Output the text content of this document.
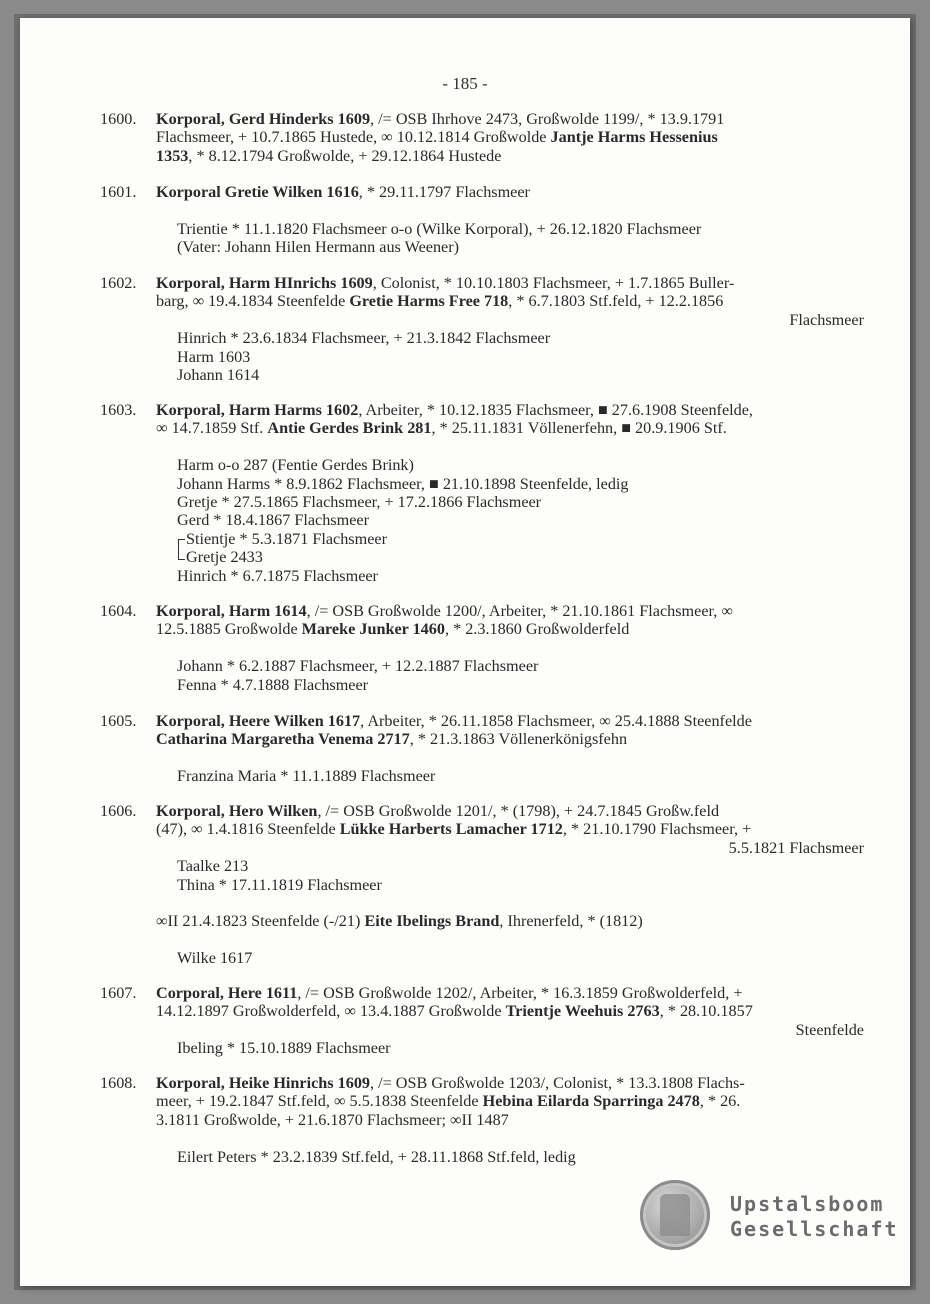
- 185 -
1600.	Korporal, Gerd Hinderks 1609, /= OSB Ihrhove 2473, Großwolde 1199/, * 13.9.1791
Flachsmeer, + 10.7.1865 Hustede, ∞ 10.12.1814 Großwolde Jantje Harms Hessenius
1353, * 8.12.1794 Großwolde, + 29.12.1864 Hustede
1601.	Korporal Gretie Wilken 1616, * 29.11.1797 Flachsmeer
Trientie * 11.1.1820 Flachsmeer o-o (Wilke Korporal), + 26.12.1820 Flachsmeer
(Vater: Johann Hilen Hermann aus Weener)
1602.	Korporal, Harm HInrichs 1609, Colonist, * 10.10.1803 Flachsmeer, + 1.7.1865 Buller-
barg, ∞ 19.4.1834 Steenfelde Gretie Harms Free 718, * 6.7.1803 Stf.feld, + 12.2.1856
Flachsmeer
Hinrich * 23.6.1834 Flachsmeer, + 21.3.1842 Flachsmeer
Harm 1603
Johann 1614
1603.	Korporal, Harm Harms 1602, Arbeiter, * 10.12.1835 Flachsmeer, ■ 27.6.1908 Steenfelde,
∞ 14.7.1859 Stf. Antie Gerdes Brink 281, * 25.11.1831 Völlenerfehn, ■ 20.9.1906 Stf.
Harm o-o 287 (Fentie Gerdes Brink)
Johann Harms * 8.9.1862 Flachsmeer, ■ 21.10.1898 Steenfelde, ledig
Gretje * 27.5.1865 Flachsmeer, + 17.2.1866 Flachsmeer
Gerd * 18.4.1867 Flachsmeer
Stientje * 5.3.1871 Flachsmeer
Gretje 2433
Hinrich * 6.7.1875 Flachsmeer
1604.	Korporal, Harm 1614, /= OSB Großwolde 1200/, Arbeiter, * 21.10.1861 Flachsmeer, ∞
12.5.1885 Großwolde Mareke Junker 1460, * 2.3.1860 Großwolderfeld
Johann * 6.2.1887 Flachsmeer, + 12.2.1887 Flachsmeer
Fenna * 4.7.1888 Flachsmeer
1605.	Korporal, Heere Wilken 1617, Arbeiter, * 26.11.1858 Flachsmeer, ∞ 25.4.1888 Steenfelde
Catharina Margaretha Venema 2717, * 21.3.1863 Völlenerkönigsfehn
Franzina Maria * 11.1.1889 Flachsmeer
1606.	Korporal, Hero Wilken, /= OSB Großwolde 1201/, * (1798), + 24.7.1845 Großw.feld
(47), ∞ 1.4.1816 Steenfelde Lükke Harberts Lamacher 1712, * 21.10.1790 Flachsmeer, +
5.5.1821 Flachsmeer
Taalke 213
Thina * 17.11.1819 Flachsmeer
∞II 21.4.1823 Steenfelde (-/21) Eite Ibelings Brand, Ihrenerfeld, * (1812)
Wilke 1617
1607.	Corporal, Here 1611, /= OSB Großwolde 1202/, Arbeiter, * 16.3.1859 Großwolderfeld, +
14.12.1897 Großwolderfeld, ∞ 13.4.1887 Großwolde Trientje Weehuis 2763, * 28.10.1857
Steenfelde
Ibeling * 15.10.1889 Flachsmeer
1608.	Korporal, Heike Hinrichs 1609, /= OSB Großwolde 1203/, Colonist, * 13.3.1808 Flachs-
meer, + 19.2.1847 Stf.feld, ∞ 5.5.1838 Steenfelde Hebina Eilarda Sparringa 2478, * 26.
3.1811 Großwolde, + 21.6.1870 Flachsmeer; ∞II 1487
Eilert Peters * 23.2.1839 Stf.feld, + 28.11.1868 Stf.feld, ledig
Upstalsboom
Gesellschaft
